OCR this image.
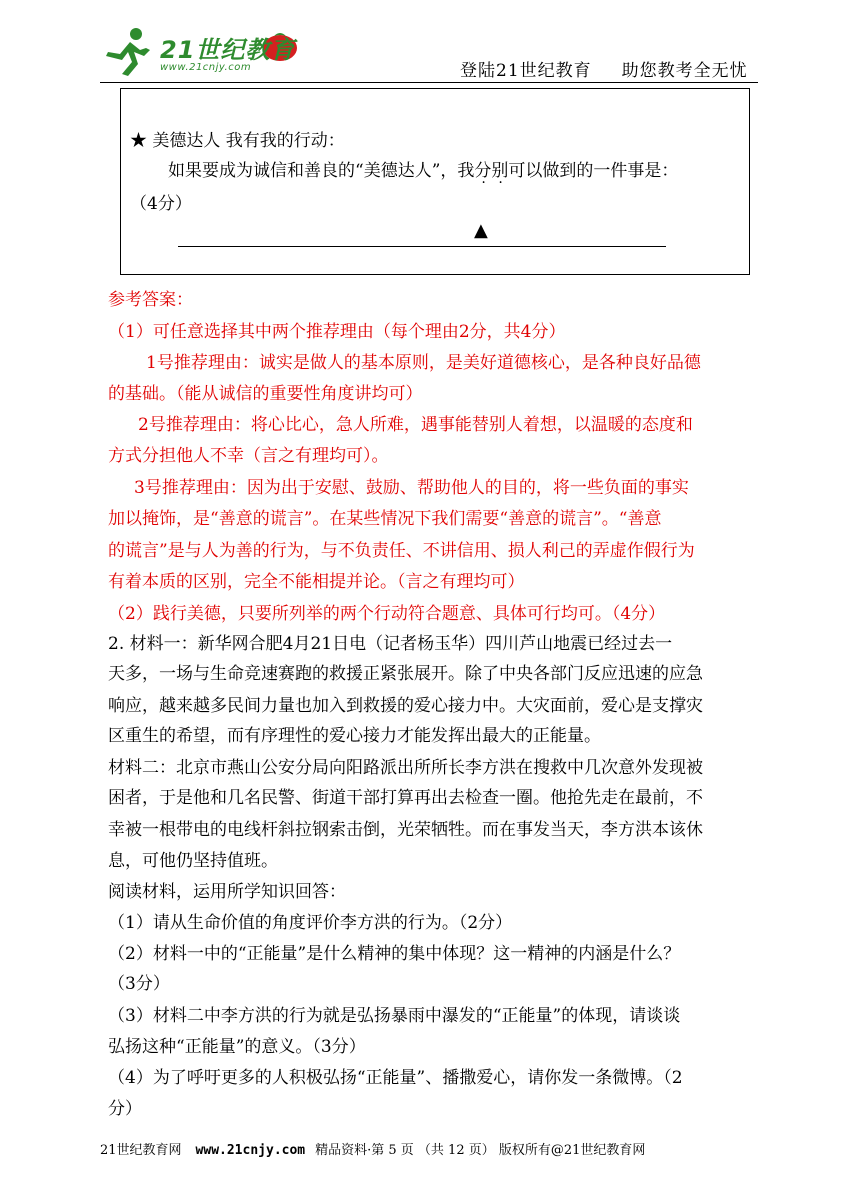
21世纪教育
www.21cnjy.com	登陆21世纪教育 助您教考全无忧
★ 美德达人 我有我的行动：
如果要成为诚信和善良的“美德达人”，我分别可以做到的一件事是：
（4分）
▲
参考答案：
（1）可任意选择其中两个推荐理由（每个理由2分，共4分）
1号推荐理由：诚实是做人的基本原则，是美好道德核心，是各种良好品德
的基础。（能从诚信的重要性角度讲均可）
2号推荐理由：将心比心，急人所难，遇事能替别人着想，以温暖的态度和
方式分担他人不幸（言之有理均可）。
3号推荐理由：因为出于安慰、鼓励、帮助他人的目的，将一些负面的事实
加以掩饰，是“善意的谎言”。在某些情况下我们需要“善意的谎言”。“善意
的谎言”是与人为善的行为，与不负责任、不讲信用、损人利己的弄虚作假行为
有着本质的区别，完全不能相提并论。（言之有理均可）
（2）践行美德，只要所列举的两个行动符合题意、具体可行均可。（4分）
2. 材料一：新华网合肥4月21日电（记者杨玉华）四川芦山地震已经过去一
天多，一场与生命竞速赛跑的救援正紧张展开。除了中央各部门反应迅速的应急
响应，越来越多民间力量也加入到救援的爱心接力中。大灾面前，爱心是支撑灾
区重生的希望，而有序理性的爱心接力才能发挥出最大的正能量。
材料二：北京市燕山公安分局向阳路派出所所长李方洪在搜救中几次意外发现被
困者，于是他和几名民警、街道干部打算再出去检查一圈。他抢先走在最前，不
幸被一根带电的电线杆斜拉钢索击倒，光荣牺牲。而在事发当天，李方洪本该休
息，可他仍坚持值班。
阅读材料，运用所学知识回答：
（1）请从生命价值的角度评价李方洪的行为。（2分）
（2）材料一中的“正能量”是什么精神的集中体现？这一精神的内涵是什么？
（3分）
（3）材料二中李方洪的行为就是弘扬暴雨中瀑发的“正能量”的体现，请谈谈
弘扬这种“正能量”的意义。（3分）
（4）为了呼吁更多的人积极弘扬“正能量”、播撒爱心，请你发一条微博。（2
分）
21世纪教育网 www.21cnjy.com 精品资料·第 5 页 （共 12 页） 版权所有@21世纪教育网
